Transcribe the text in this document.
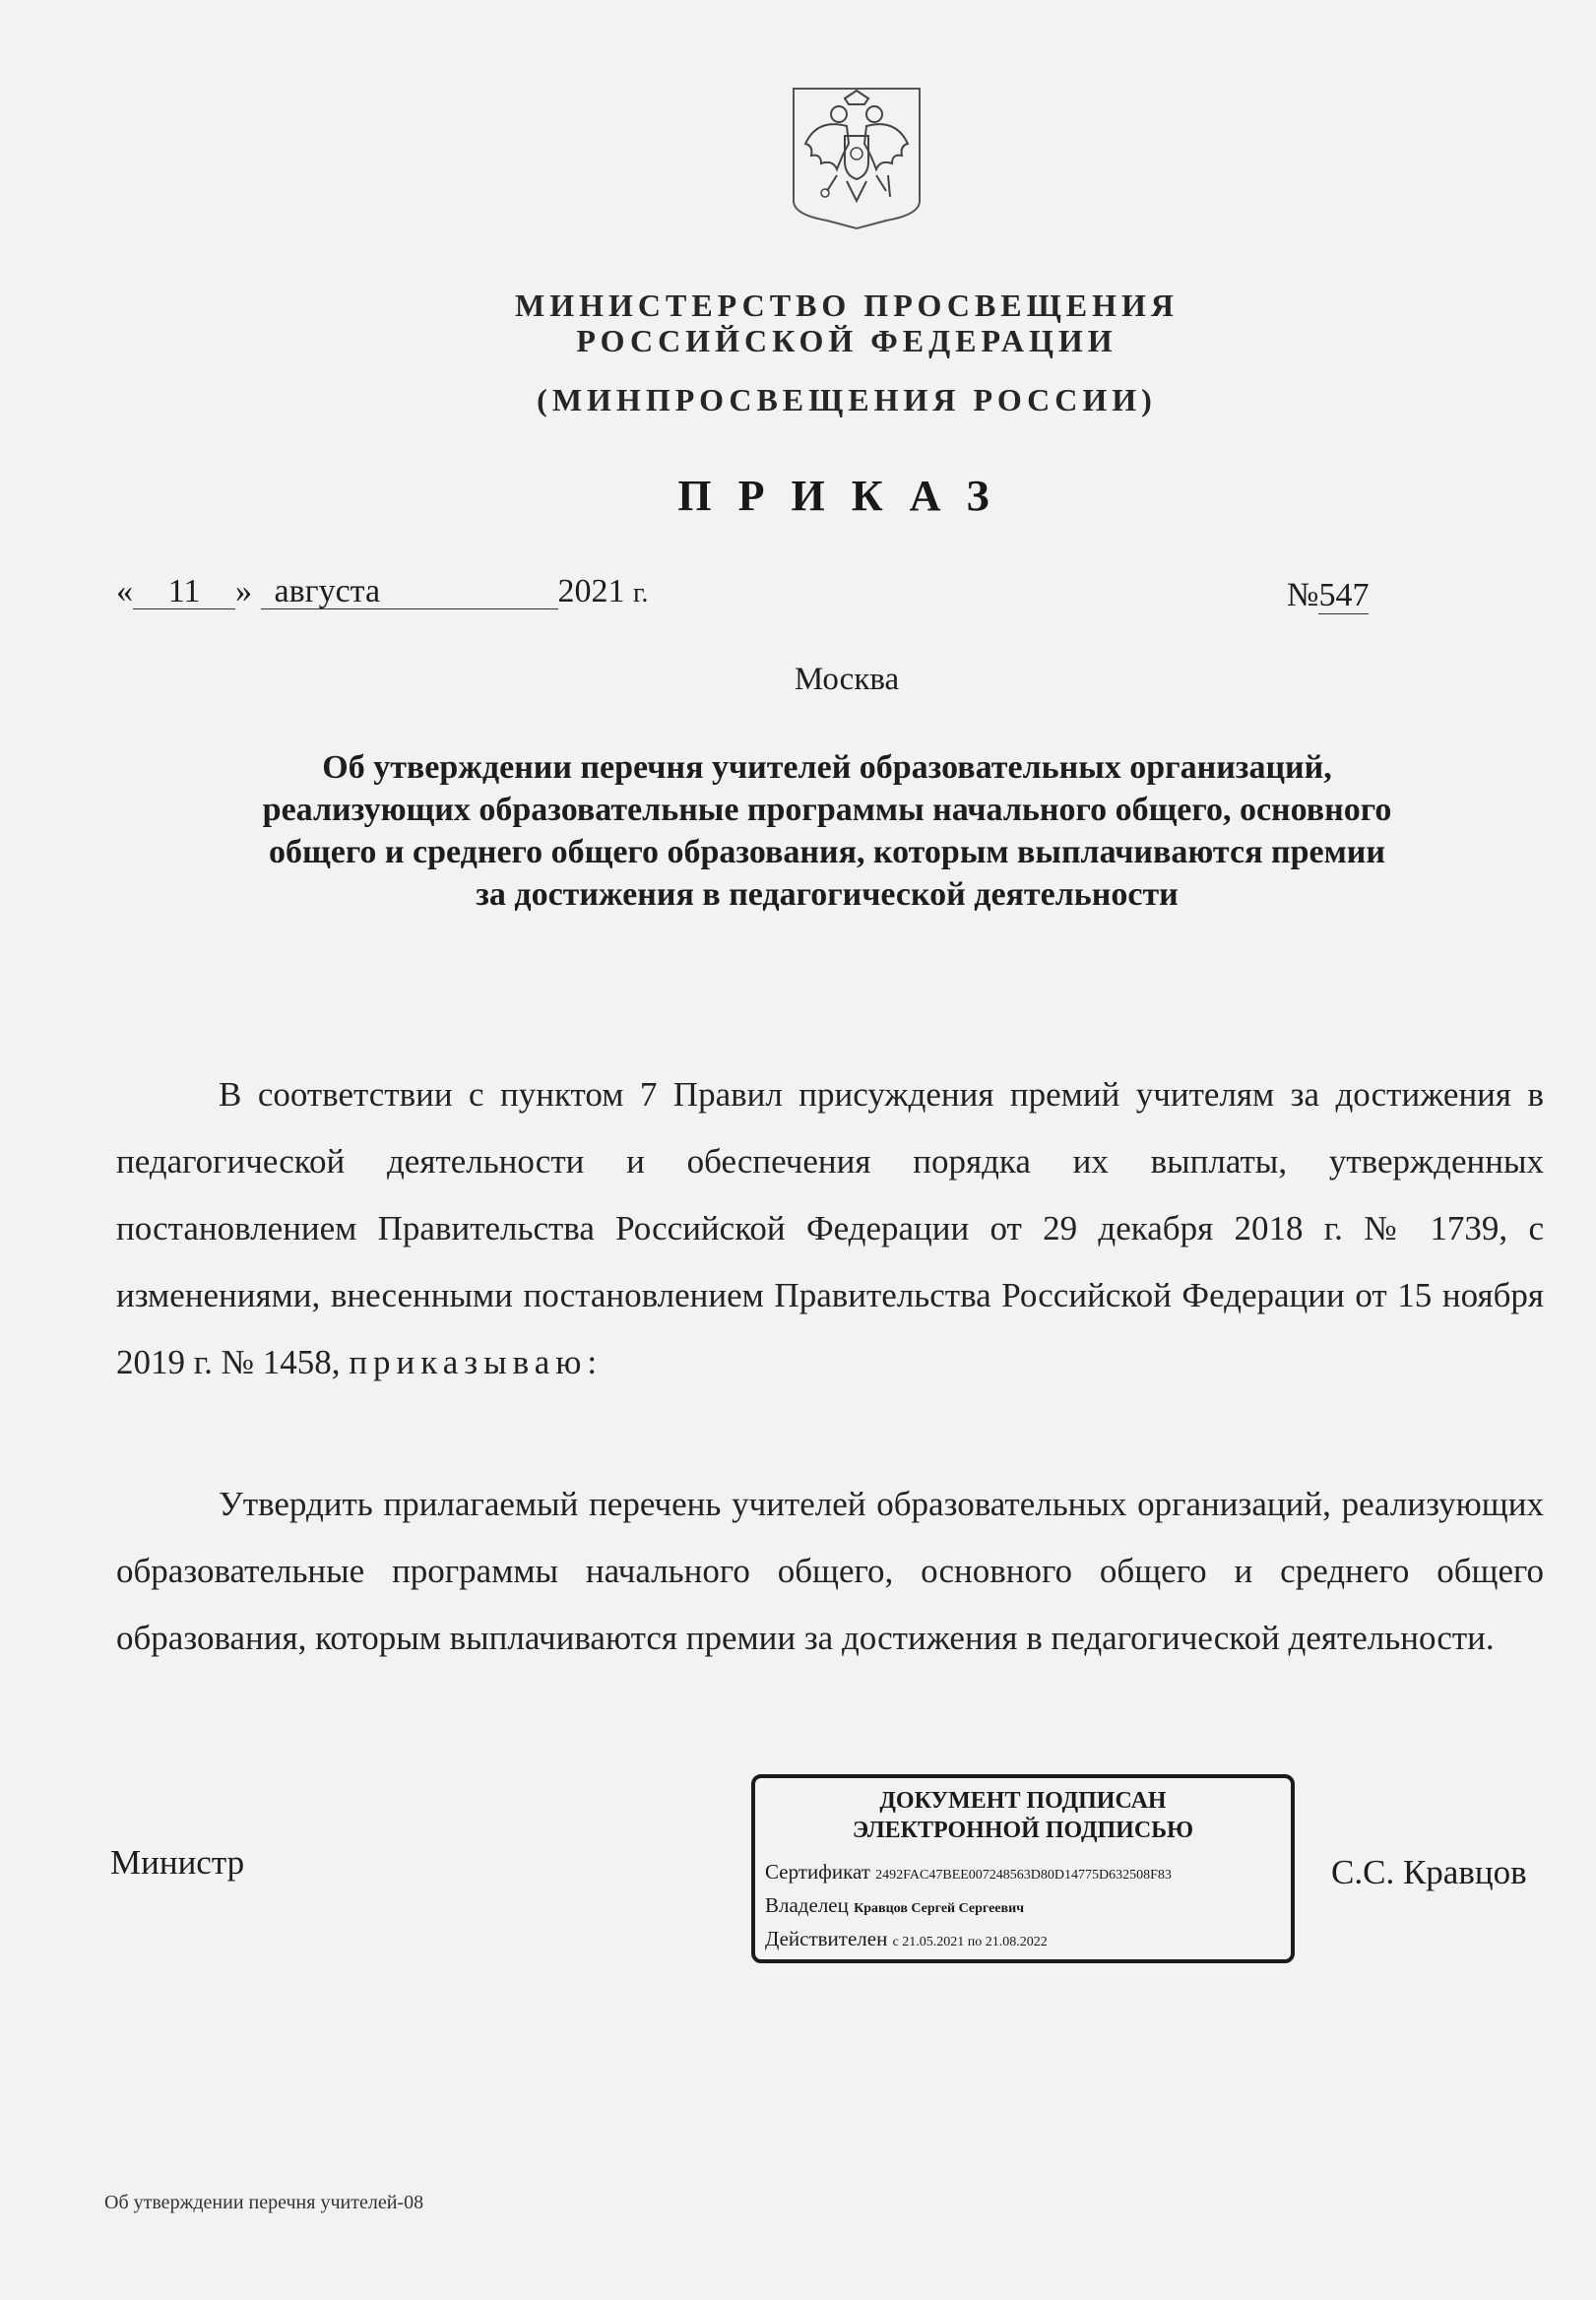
МИНИСТЕРСТВО ПРОСВЕЩЕНИЯ
РОССИЙСКОЙ ФЕДЕРАЦИИ
(МИНПРОСВЕЩЕНИЯ РОССИИ)
ПРИКАЗ
« 11 » августа	2021 г.	№547
Москва
Об утверждении перечня учителей образовательных организаций,
реализующих образовательные программы начального общего, основного
общего и среднего общего образования, которым выплачиваются премии
за достижения в педагогической деятельности
В соответствии с пунктом 7 Правил присуждения премий учителям за достижения в педагогической деятельности и обеспечения порядка их выплаты, утвержденных постановлением Правительства Российской Федерации от 29 декабря 2018 г. № 1739, с изменениями, внесенными постановлением Правительства Российской Федерации от 15 ноября 2019 г. № 1458, приказываю:
Утвердить прилагаемый перечень учителей образовательных организаций, реализующих образовательные программы начального общего, основного общего и среднего общего образования, которым выплачиваются премии за достижения в педагогической деятельности.
Министр
ДОКУМЕНТ ПОДПИСАН
ЭЛЕКТРОННОЙ ПОДПИСЬЮ
Сертификат 2492FAC47BEE007248563D80D14775D632508F83
Владелец Кравцов Сергей Сергеевич
Действителен с 21.05.2021 по 21.08.2022
С.С. Кравцов
Об утверждении перечня учителей-08
